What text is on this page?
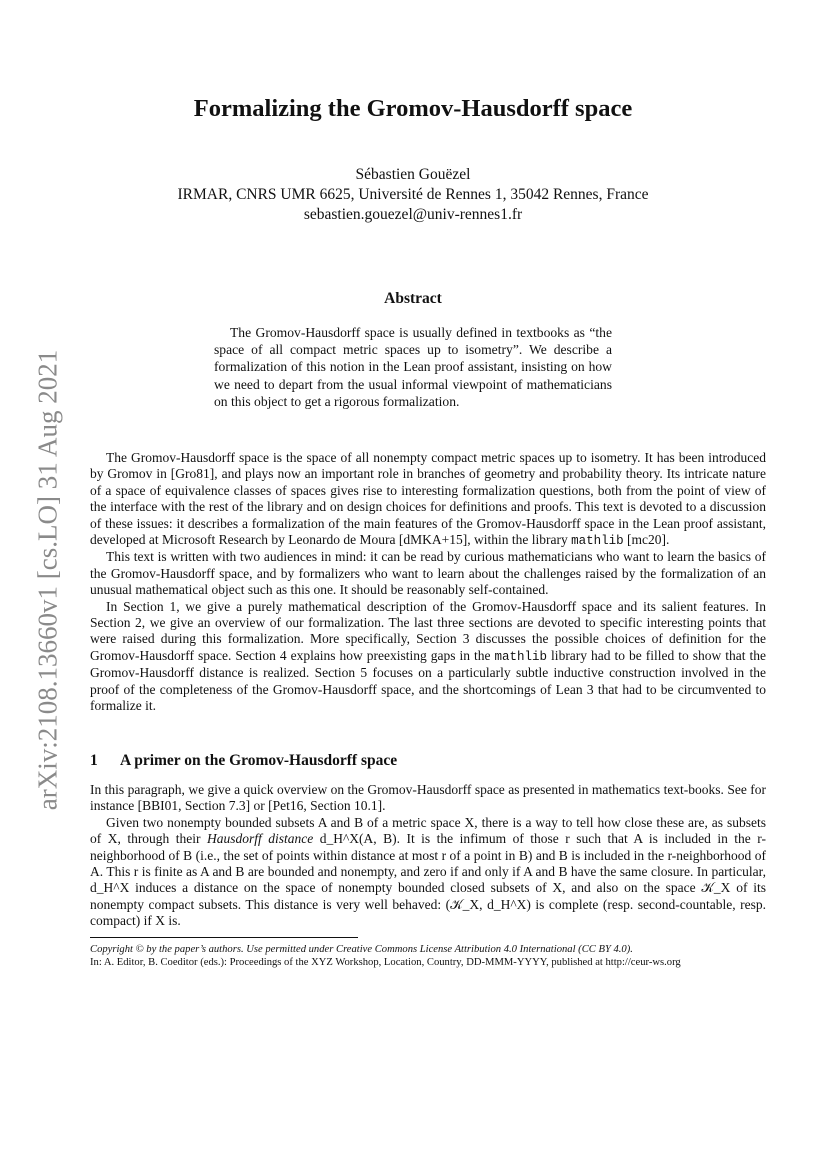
arXiv:2108.13660v1 [cs.LO] 31 Aug 2021
Formalizing the Gromov-Hausdorff space
Sébastien Gouëzel
IRMAR, CNRS UMR 6625, Université de Rennes 1, 35042 Rennes, France
sebastien.gouezel@univ-rennes1.fr
Abstract

The Gromov-Hausdorff space is usually defined in textbooks as “the space of all compact metric spaces up to isometry”. We describe a formalization of this notion in the Lean proof assistant, insisting on how we need to depart from the usual informal viewpoint of mathematicians on this object to get a rigorous formalization.

The Gromov-Hausdorff space is the space of all nonempty compact metric spaces up to isometry. It has been introduced by Gromov in [Gro81], and plays now an important role in branches of geometry and probability theory. Its intricate nature of a space of equivalence classes of spaces gives rise to interesting formalization questions, both from the point of view of the interface with the rest of the library and on design choices for definitions and proofs. This text is devoted to a discussion of these issues: it describes a formalization of the main features of the Gromov-Hausdorff space in the Lean proof assistant, developed at Microsoft Research by Leonardo de Moura [dMKA+15], within the library mathlib [mc20].

This text is written with two audiences in mind: it can be read by curious mathematicians who want to learn the basics of the Gromov-Hausdorff space, and by formalizers who want to learn about the challenges raised by the formalization of an unusual mathematical object such as this one. It should be reasonably self-contained.

In Section 1, we give a purely mathematical description of the Gromov-Hausdorff space and its salient features. In Section 2, we give an overview of our formalization. The last three sections are devoted to specific interesting points that were raised during this formalization. More specifically, Section 3 discusses the possible choices of definition for the Gromov-Hausdorff space. Section 4 explains how preexisting gaps in the mathlib library had to be filled to show that the Gromov-Hausdorff distance is realized. Section 5 focuses on a particularly subtle inductive construction involved in the proof of the completeness of the Gromov-Hausdorff space, and the shortcomings of Lean 3 that had to be circumvented to formalize it.

1 A primer on the Gromov-Hausdorff space

In this paragraph, we give a quick overview on the Gromov-Hausdorff space as presented in mathematics text-books. See for instance [BBI01, Section 7.3] or [Pet16, Section 10.1].

Given two nonempty bounded subsets A and B of a metric space X, there is a way to tell how close these are, as subsets of X, through their Hausdorff distance d_H^X(A, B). It is the infimum of those r such that A is included in the r-neighborhood of B (i.e., the set of points within distance at most r of a point in B) and B is included in the r-neighborhood of A. This r is finite as A and B are bounded and nonempty, and zero if and only if A and B have the same closure. In particular, d_H^X induces a distance on the space of nonempty bounded closed subsets of X, and also on the space 𝒦_X of its nonempty compact subsets. This distance is very well behaved: (𝒦_X, d_H^X) is complete (resp. second-countable, resp. compact) if X is.

Copyright © by the paper’s authors. Use permitted under Creative Commons License Attribution 4.0 International (CC BY 4.0).

In: A. Editor, B. Coeditor (eds.): Proceedings of the XYZ Workshop, Location, Country, DD-MMM-YYYY, published at http://ceur-ws.org
